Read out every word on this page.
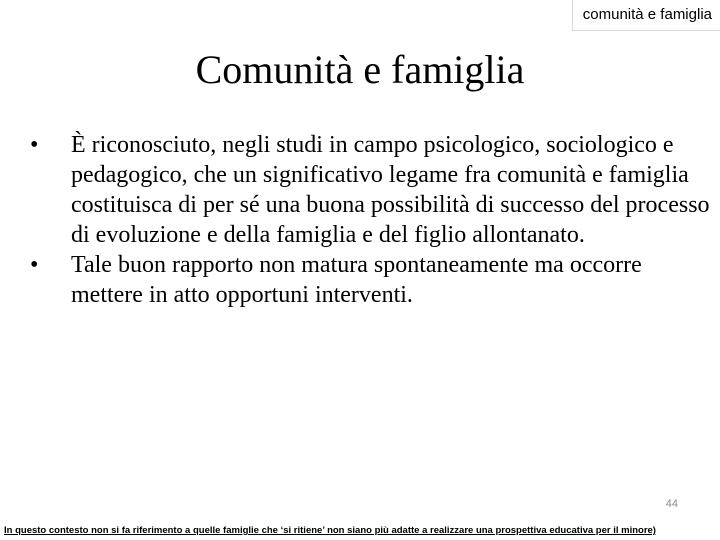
comunità e famiglia
Comunità e famiglia
•	È riconosciuto, negli studi in campo psicologico, sociologico e pedagogico, che un significativo legame fra comunità e famiglia costituisca di per sé una buona possibilità di successo del processo di evoluzione e della famiglia e del figlio allontanato.
•	Tale buon rapporto non matura spontaneamente ma occorre mettere in atto opportuni interventi.
44
In questo contesto non si fa riferimento a quelle famiglie che ‘si ritiene’ non siano più adatte a realizzare una prospettiva educativa per il minore)
